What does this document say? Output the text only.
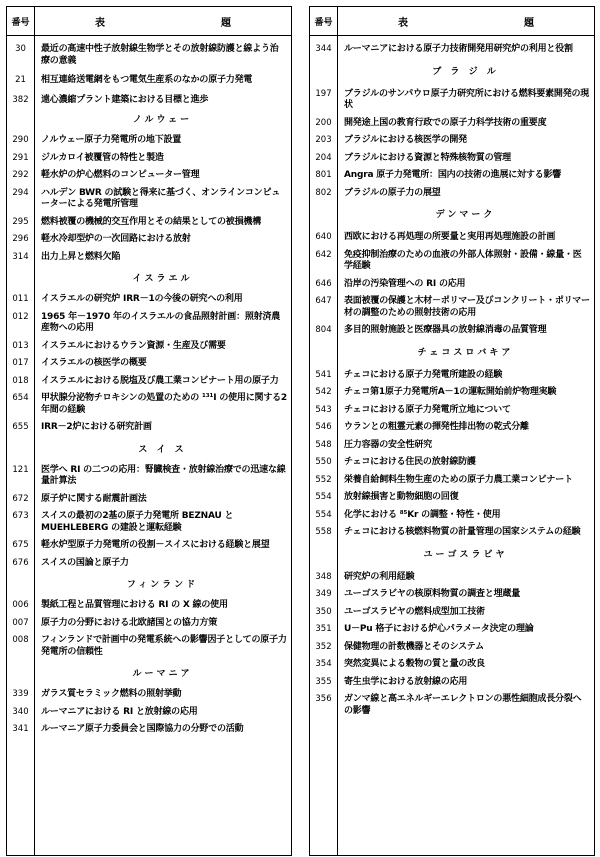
番号	表	題
30	最近の高速中性子放射線生物学とその放射線防護と線よう治療の意義
21	相互連絡送電網をもつ電気生産系のなかの原子力発電
382	遠心濃縮プラント建築における目標と進歩
ノルウェー
290	ノルウェー原子力発電所の地下設置
291	ジルカロイ被覆管の特性と製造
292	軽水炉の炉心燃料のコンピューター管理
294	ハルデン BWR の試験と得来に基づく、オンラインコンピューターによる発電所管理
295	燃料被覆の機械的交互作用とその結果としての被損機構
296	軽水冷却型炉の一次回路における放射
314	出力上昇と燃料欠陥
イスラエル
011	イスラエルの研究炉 IRR－1の今後の研究への利用
012	1965 年－1970 年のイスラエルの食品照射計画：照射済農産物への応用
013	イスラエルにおけるウラン資源・生産及び需要
017	イスラエルの核医学の概要
018	イスラエルにおける脱塩及び農工業コンビナート用の原子力
654	甲状腺分泌物チロキシンの処置のための ¹³¹I の使用に関する2年間の経験
655	IRR－2炉における研究計画
ス イ ス
121	医学へ RI の二つの応用：腎臓検査・放射線治療での迅速な線量計算法
672	原子炉に関する耐震計画法
673	スイスの最初の2基の原子力発電所 BEZNAU と MUEHLEBERG の建設と運転経験
675	軽水炉型原子力発電所の役割－スイスにおける経験と展望
676	スイスの国論と原子力
フィンランド
006	製紙工程と品質管理における RI の X 線の使用
007	原子力の分野における北欧諸国との協力方策
008	フィンランドで計画中の発電系統への影響因子としての原子力発電所の信頼性
ルーマニア
339	ガラス質セラミック燃料の照射挙動
340	ルーマニアにおける RI と放射線の応用
341	ルーマニア原子力委員会と国際協力の分野での活動
番号	表	題
344	ルーマニアにおける原子力技術開発用研究炉の利用と役割
ブ ラ ジ ル
197	ブラジルのサンパウロ原子力研究所における燃料要素開発の現状
200	開発途上国の教育行政での原子力科学技術の重要度
203	ブラジルにおける核医学の開発
204	ブラジルにおける資源と特殊核物質の管理
801	Angra 原子力発電所：国内の技術の進展に対する影響
802	ブラジルの原子力の展望
デンマーク
640	西欧における再処理の所要量と実用再処理施設の計画
642	免疫抑制治療のための血液の外部人体照射・設備・線量・医学経験
646	沿岸の汚染管理への RI の応用
647	表面被覆の保護と木材－ポリマー及びコンクリート・ポリマー材の調整のための照射技術の応用
804	多目的照射施設と医療器具の放射線消毒の品質管理
チェコスロバキア
541	チェコにおける原子力発電所建設の経験
542	チェコ第1原子力発電所A－1の運転開始前炉物理実験
543	チェコにおける原子力発電所立地について
546	ウランとの粗霊元素の揮発性排出物の乾式分離
548	圧力容器の安全性研究
550	チェコにおける住民の放射線防護
552	栄養自給飼料生物生産のための原子力農工業コンビナート
554	放射線損害と動物細胞の回復
554	化学における ⁸⁵Kr の調整・特性・使用
558	チェコにおける核燃料物質の計量管理の国家システムの経験
ユーゴスラビヤ
348	研究炉の利用経験
349	ユーゴスラビヤの核原料物質の調査と埋蔵量
350	ユーゴスラビヤの燃料成型加工技術
351	U－Pu 格子における炉心パラメータ決定の理論
352	保健物理の計数機器とそのシステム
354	突然変異による穀物の質と量の改良
355	寄生虫学における放射線の応用
356	ガンマ線と高エネルギーエレクトロンの悪性細胞成長分裂への影響
